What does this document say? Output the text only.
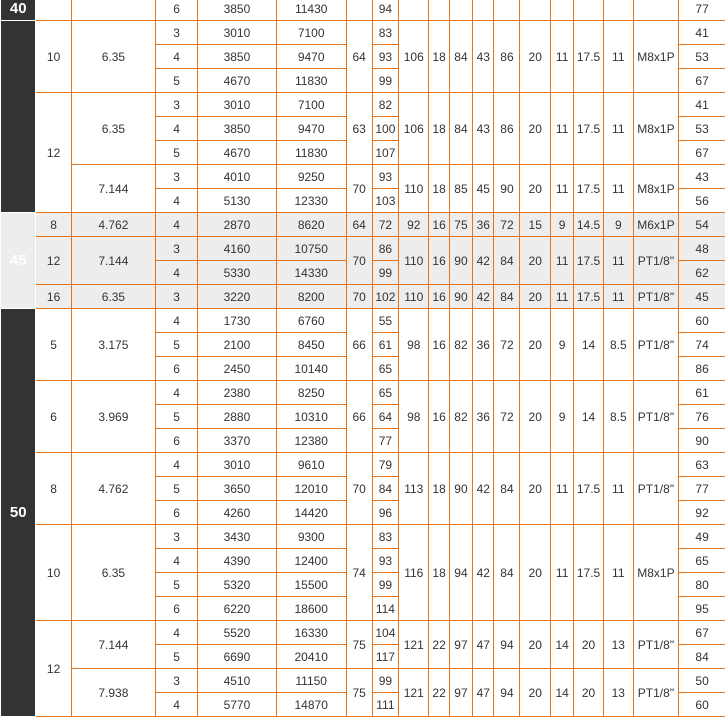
40			6	3850	11430		94											77
	10	6.35	3	3010	7100	64	83	106	18	84	43	86	20	11	17.5	11	M8x1P	41
			4	3850	9470		93											53
			5	4670	11830		99											67
	12	6.35	3	3010	7100	63	82	106	18	84	43	86	20	11	17.5	11	M8x1P	41
			4	3850	9470		100											53
			5	4670	11830		107											67
		7.144	3	4010	9250	70	93	110	18	85	45	90	20	11	17.5	11	M8x1P	43
			4	5130	12330		103											56
45	8	4.762	4	2870	8620	64	72	92	16	75	36	72	15	9	14.5	9	M6x1P	54
	12	7.144	3	4160	10750	70	86	110	16	90	42	84	20	11	17.5	11	PT1/8"	48
			4	5330	14330		99											62
	16	6.35	3	3220	8200	70	102	110	16	90	42	84	20	11	17.5	11	PT1/8"	45
50	5	3.175	4	1730	6760	66	55	98	16	82	36	72	20	9	14	8.5	PT1/8"	60
			5	2100	8450		61											74
			6	2450	10140		65											86
	6	3.969	4	2380	8250	66	65	98	16	82	36	72	20	9	14	8.5	PT1/8"	61
			5	2880	10310		64											76
			6	3370	12380		77											90
	8	4.762	4	3010	9610	70	79	113	18	90	42	84	20	11	17.5	11	PT1/8"	63
			5	3650	12010		84											77
			6	4260	14420		96											92
	10	6.35	3	3430	9300	74	83	116	18	94	42	84	20	11	17.5	11	M8x1P	49
			4	4390	12400		93											65
			5	5320	15500		99											80
			6	6220	18600		114											95
	12	7.144	4	5520	16330	75	104	121	22	97	47	94	20	14	20	13	PT1/8"	67
			5	6690	20410		117											84
		7.938	3	4510	11150	75	99	121	22	97	47	94	20	14	20	13	PT1/8"	50
			4	5770	14870		111											60
